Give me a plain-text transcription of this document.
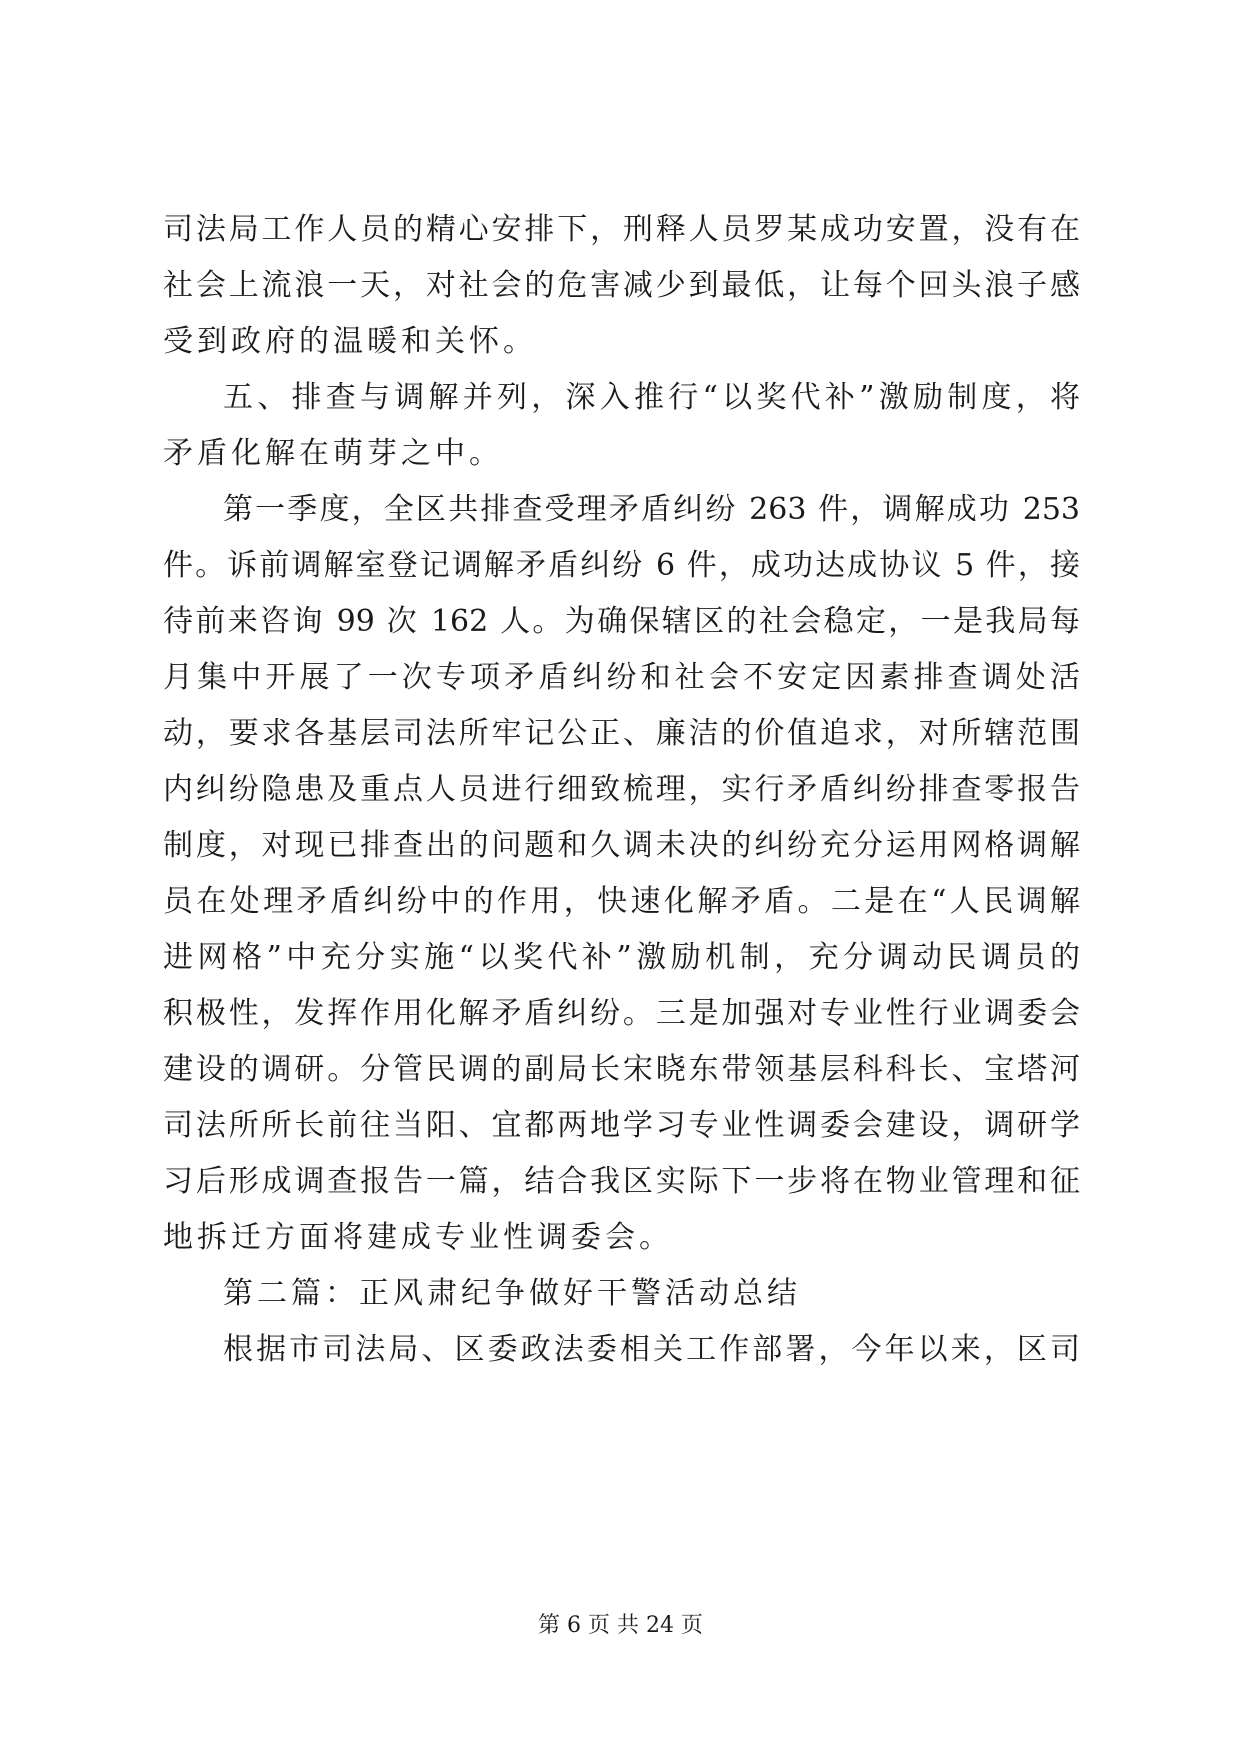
司法局工作人员的精心安排下，刑释人员罗某成功安置，没有在

社会上流浪一天，对社会的危害减少到最低，让每个回头浪子感

受到政府的温暖和关怀。

五、排查与调解并列，深入推行“以奖代补”激励制度，将

矛盾化解在萌芽之中。

第一季度，全区共排查受理矛盾纠纷 263 件，调解成功 253

件。诉前调解室登记调解矛盾纠纷 6 件，成功达成协议 5 件，接

待前来咨询 99 次 162 人。为确保辖区的社会稳定，一是我局每

月集中开展了一次专项矛盾纠纷和社会不安定因素排查调处活

动，要求各基层司法所牢记公正、廉洁的价值追求，对所辖范围

内纠纷隐患及重点人员进行细致梳理，实行矛盾纠纷排查零报告

制度，对现已排查出的问题和久调未决的纠纷充分运用网格调解

员在处理矛盾纠纷中的作用，快速化解矛盾。二是在“人民调解

进网格”中充分实施“以奖代补”激励机制，充分调动民调员的

积极性，发挥作用化解矛盾纠纷。三是加强对专业性行业调委会

建设的调研。分管民调的副局长宋晓东带领基层科科长、宝塔河

司法所所长前往当阳、宜都两地学习专业性调委会建设，调研学

习后形成调查报告一篇，结合我区实际下一步将在物业管理和征

地拆迁方面将建成专业性调委会。

第二篇：正风肃纪争做好干警活动总结

根据市司法局、区委政法委相关工作部署，今年以来，区司

第 6 页 共 24 页
